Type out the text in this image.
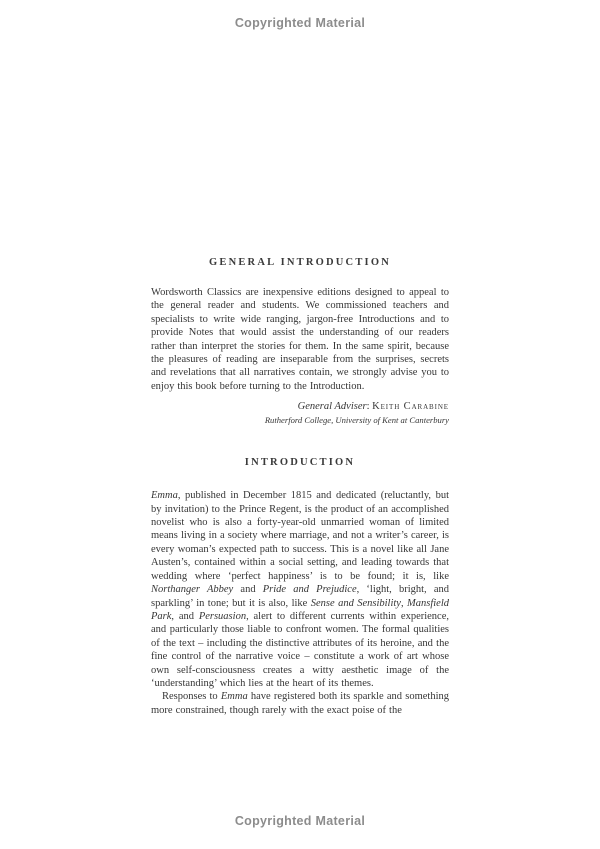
Copyrighted Material
GENERAL INTRODUCTION

Wordsworth Classics are inexpensive editions designed to appeal to the general reader and students. We commissioned teachers and specialists to write wide ranging, jargon-free Introductions and to provide Notes that would assist the understanding of our readers rather than interpret the stories for them. In the same spirit, because the pleasures of reading are inseparable from the surprises, secrets and revelations that all narratives contain, we strongly advise you to enjoy this book before turning to the Introduction.

General Adviser: Keith Carabine
Rutherford College, University of Kent at Canterbury
INTRODUCTION

Emma, published in December 1815 and dedicated (reluctantly, but by invitation) to the Prince Regent, is the product of an accomplished novelist who is also a forty-year-old unmarried woman of limited means living in a society where marriage, and not a writer’s career, is every woman’s expected path to success. This is a novel like all Jane Austen’s, contained within a social setting, and leading towards that wedding where ‘perfect happiness’ is to be found; it is, like Northanger Abbey and Pride and Prejudice, ‘light, bright, and sparkling’ in tone; but it is also, like Sense and Sensibility, Mansfield Park, and Persuasion, alert to different currents within experience, and particularly those liable to confront women. The formal qualities of the text – including the distinctive attributes of its heroine, and the fine control of the narrative voice – constitute a work of art whose own self-consciousness creates a witty aesthetic image of the ‘understanding’ which lies at the heart of its themes.

Responses to Emma have registered both its sparkle and something more constrained, though rarely with the exact poise of the

Copyrighted Material
